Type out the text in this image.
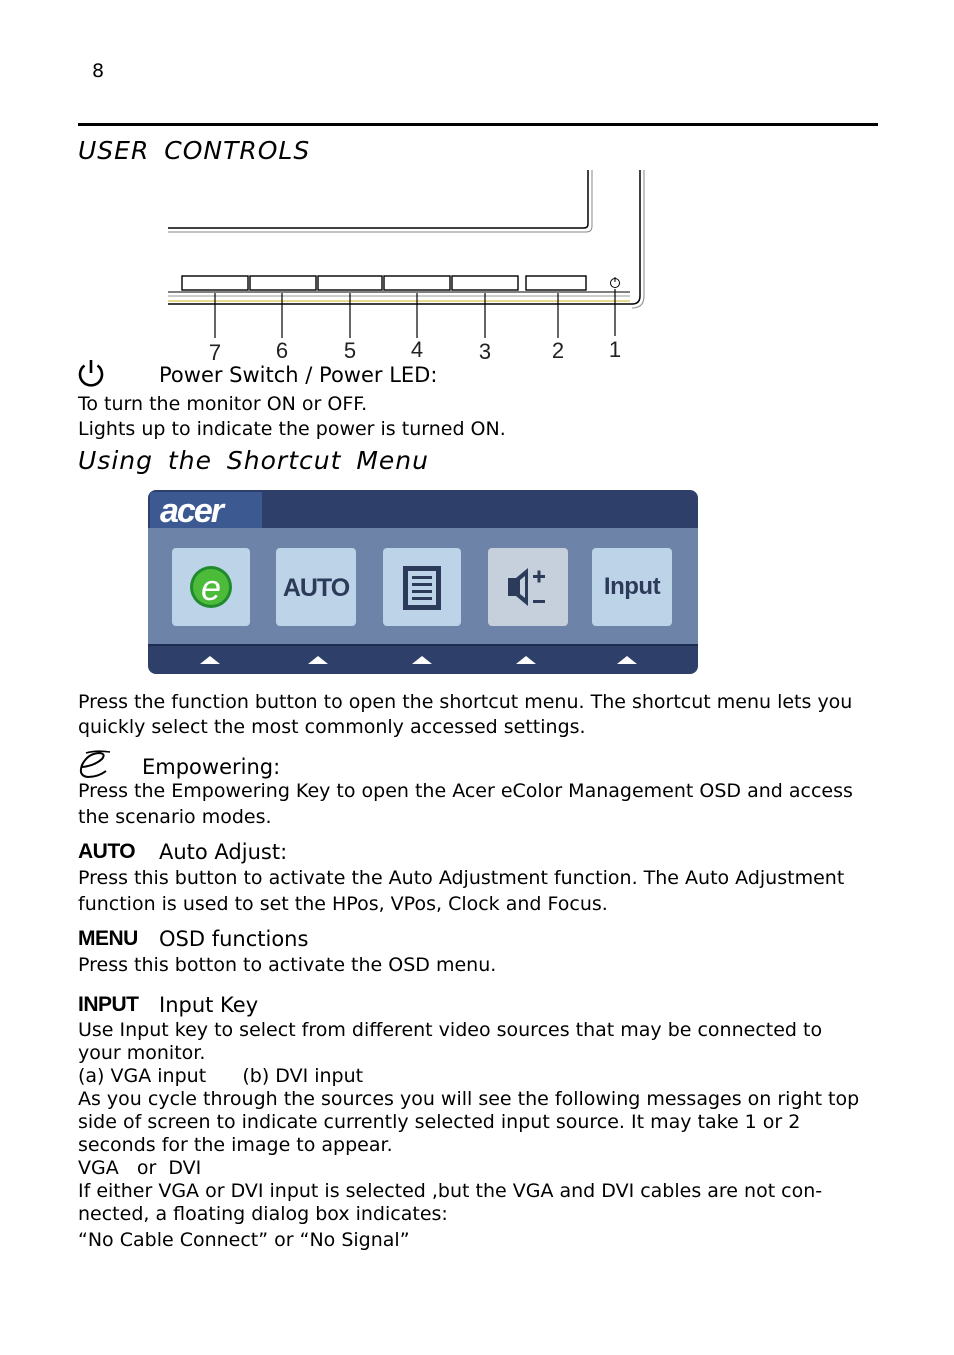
8
USER CONTROLS
7 6	5 4	3	2 1
Power Switch / Power LED:
To turn the monitor ON or OFF.
Lights up to indicate the power is turned ON.
Using the Shortcut Menu
acer
e AUTO	Input
Press the function button to open the shortcut menu. The shortcut menu lets you
quickly select the most commonly accessed settings.
Empowering:
Press the Empowering Key to open the Acer eColor Management OSD and access
the scenario modes.
AUTO Auto Adjust:
Press this button to activate the Auto Adjustment function. The Auto Adjustment
function is used to set the HPos, VPos, Clock and Focus.
MENU OSD functions
Press this botton to activate the OSD menu.
INPUT Input Key
Use Input key to select from different video sources that may be connected to
your monitor.
(a) VGA input      (b) DVI input
As you cycle through the sources you will see the following messages on right top
side of screen to indicate currently selected input source. It may take 1 or 2
seconds for the image to appear.
VGA   or  DVI
If either VGA or DVI input is selected ,but the VGA and DVI cables are not con-
nected, a floating dialog box indicates:
“No Cable Connect” or “No Signal”
